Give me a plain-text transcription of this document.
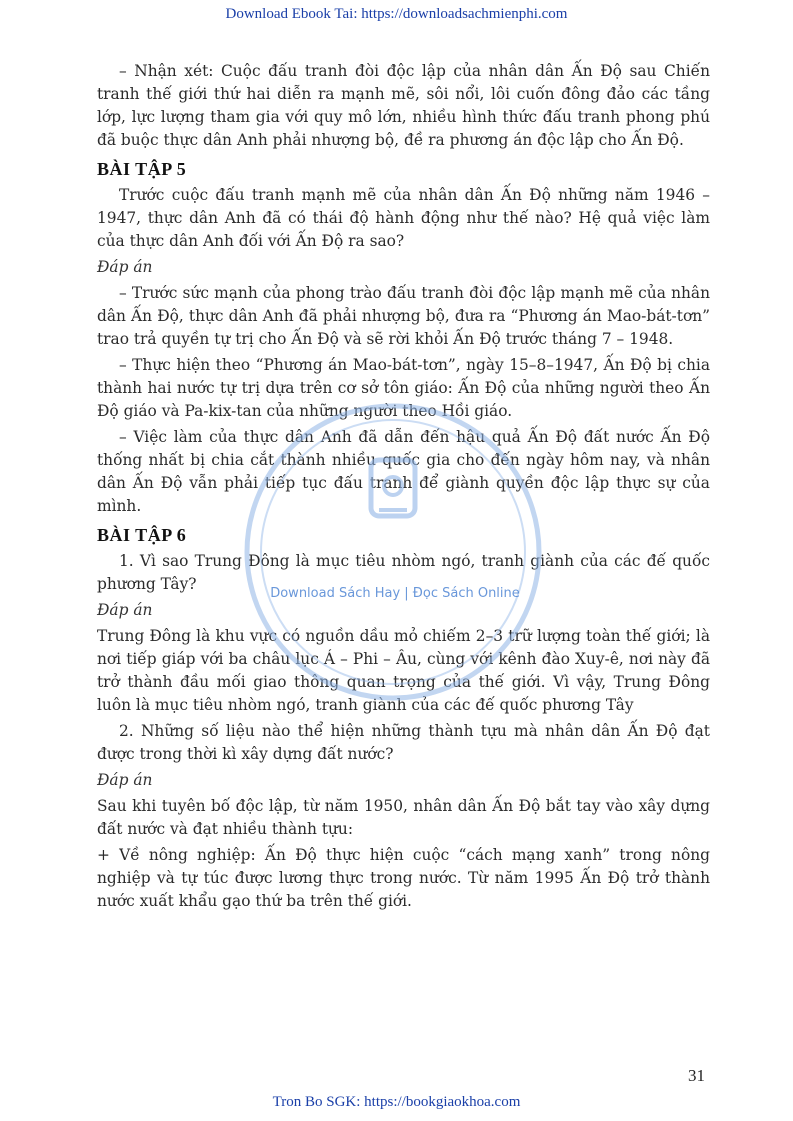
Download Ebook Tai: https://downloadsachmienphi.com

– Nhận xét: Cuộc đấu tranh đòi độc lập của nhân dân Ấn Độ sau Chiến tranh thế giới thứ hai diễn ra mạnh mẽ, sôi nổi, lôi cuốn đông đảo các tầng lớp, lực lượng tham gia với quy mô lớn, nhiều hình thức đấu tranh phong phú đã buộc thực dân Anh phải nhượng bộ, đề ra phương án độc lập cho Ấn Độ.

BÀI TẬP 5

Trước cuộc đấu tranh mạnh mẽ của nhân dân Ấn Độ những năm 1946 – 1947, thực dân Anh đã có thái độ hành động như thế nào? Hệ quả việc làm của thực dân Anh đối với Ấn Độ ra sao?

Đáp án

– Trước sức mạnh của phong trào đấu tranh đòi độc lập mạnh mẽ của nhân dân Ấn Độ, thực dân Anh đã phải nhượng bộ, đưa ra “Phương án Mao-bát-tơn” trao trả quyền tự trị cho Ấn Độ và sẽ rời khỏi Ấn Độ trước tháng 7 – 1948.

– Thực hiện theo “Phương án Mao-bát-tơn”, ngày 15–8–1947, Ấn Độ bị chia thành hai nước tự trị dựa trên cơ sở tôn giáo: Ấn Độ của những người theo Ấn Độ giáo và Pa-kix-tan của những người theo Hồi giáo.

– Việc làm của thực dân Anh đã dẫn đến hậu quả Ấn Độ đất nước Ấn Độ thống nhất bị chia cắt thành nhiều quốc gia cho đến ngày hôm nay, và nhân dân Ấn Độ vẫn phải tiếp tục đấu tranh để giành quyền độc lập thực sự của mình.

BÀI TẬP 6

1. Vì sao Trung Đông là mục tiêu nhòm ngó, tranh giành của các đế quốc phương Tây?

Đáp án

Trung Đông là khu vực có nguồn dầu mỏ chiếm 2–3 trữ lượng toàn thế giới; là nơi tiếp giáp với ba châu lục Á – Phi – Âu, cùng với kênh đào Xuy-ê, nơi này đã trở thành đầu mối giao thông quan trọng của thế giới. Vì vậy, Trung Đông luôn là mục tiêu nhòm ngó, tranh giành của các đế quốc phương Tây

2. Những số liệu nào thể hiện những thành tựu mà nhân dân Ấn Độ đạt được trong thời kì xây dựng đất nước?

Đáp án

Sau khi tuyên bố độc lập, từ năm 1950, nhân dân Ấn Độ bắt tay vào xây dựng đất nước và đạt nhiều thành tựu:

+ Về nông nghiệp: Ấn Độ thực hiện cuộc “cách mạng xanh” trong nông nghiệp và tự túc được lương thực trong nước. Từ năm 1995 Ấn Độ trở thành nước xuất khẩu gạo thứ ba trên thế giới.

Download Sách Hay | Đọc Sách Online
31
Tron Bo SGK: https://bookgiaokhoa.com
